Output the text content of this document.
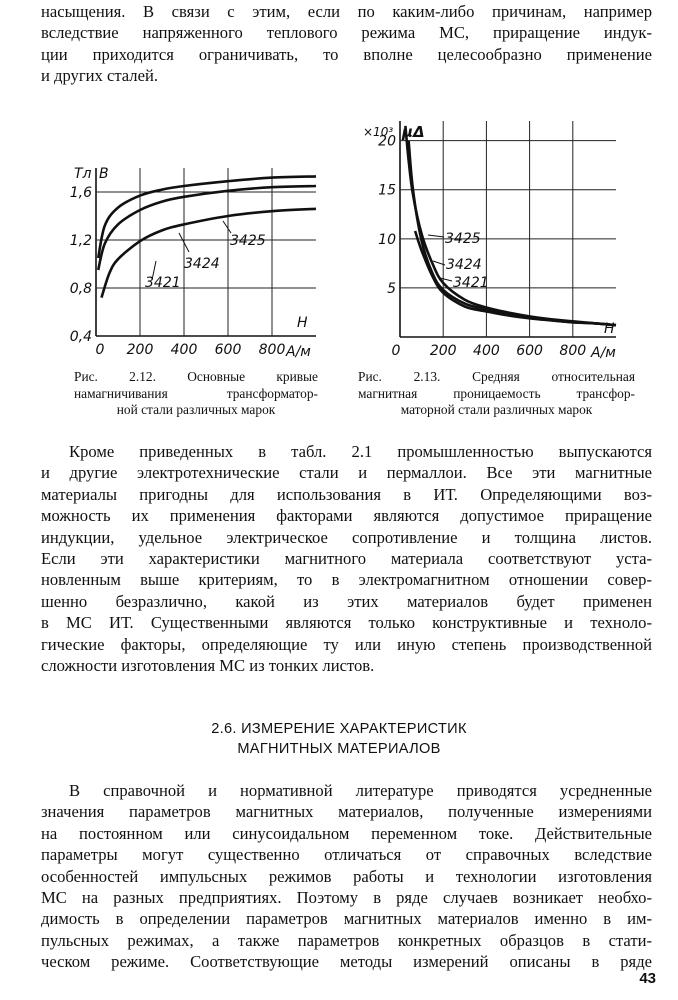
насыщения. В связи с этим, если по каким-либо причинам, например
вследствие напряженного теплового режима МС, приращение индук-
ции приходится ограничивать, то вполне целесообразно применение
и других сталей.
0,4
0,8
1,2
1,6
0 200 400 600 800
Тл B
H
А/м
3425
3424
3421
Рис. 2.12. Основные кривые
намагничивания трансформатор-
ной стали различных марок
5
10
15
20
0 200 400 600 800
×10³ μΔ
H
А/м
3425
3424
3421
Рис. 2.13. Средняя относительная
магнитная проницаемость трансфор-
маторной стали различных марок
Кроме приведенных в табл. 2.1 промышленностью выпускаются
и другие электротехнические стали и пермаллои. Все эти магнитные
материалы пригодны для использования в ИТ. Определяющими воз-
можность их применения факторами являются допустимое приращение
индукции, удельное электрическое сопротивление и толщина листов.
Если эти характеристики магнитного материала соответствуют уста-
новленным выше критериям, то в электромагнитном отношении совер-
шенно безразлично, какой из этих материалов будет применен
в МС ИТ. Существенными являются только конструктивные и техноло-
гические факторы, определяющие ту или иную степень производственной
сложности изготовления МС из тонких листов.
2.6. ИЗМЕРЕНИЕ ХАРАКТЕРИСТИК
МАГНИТНЫХ МАТЕРИАЛОВ
В справочной и нормативной литературе приводятся усредненные
значения параметров магнитных материалов, полученные измерениями
на постоянном или синусоидальном переменном токе. Действительные
параметры могут существенно отличаться от справочных вследствие
особенностей импульсных режимов работы и технологии изготовления
МС на разных предприятиях. Поэтому в ряде случаев возникает необхо-
димость в определении параметров магнитных материалов именно в им-
пульсных режимах, а также параметров конкретных образцов в стати-
ческом режиме. Соответствующие методы измерений описаны в ряде
43
